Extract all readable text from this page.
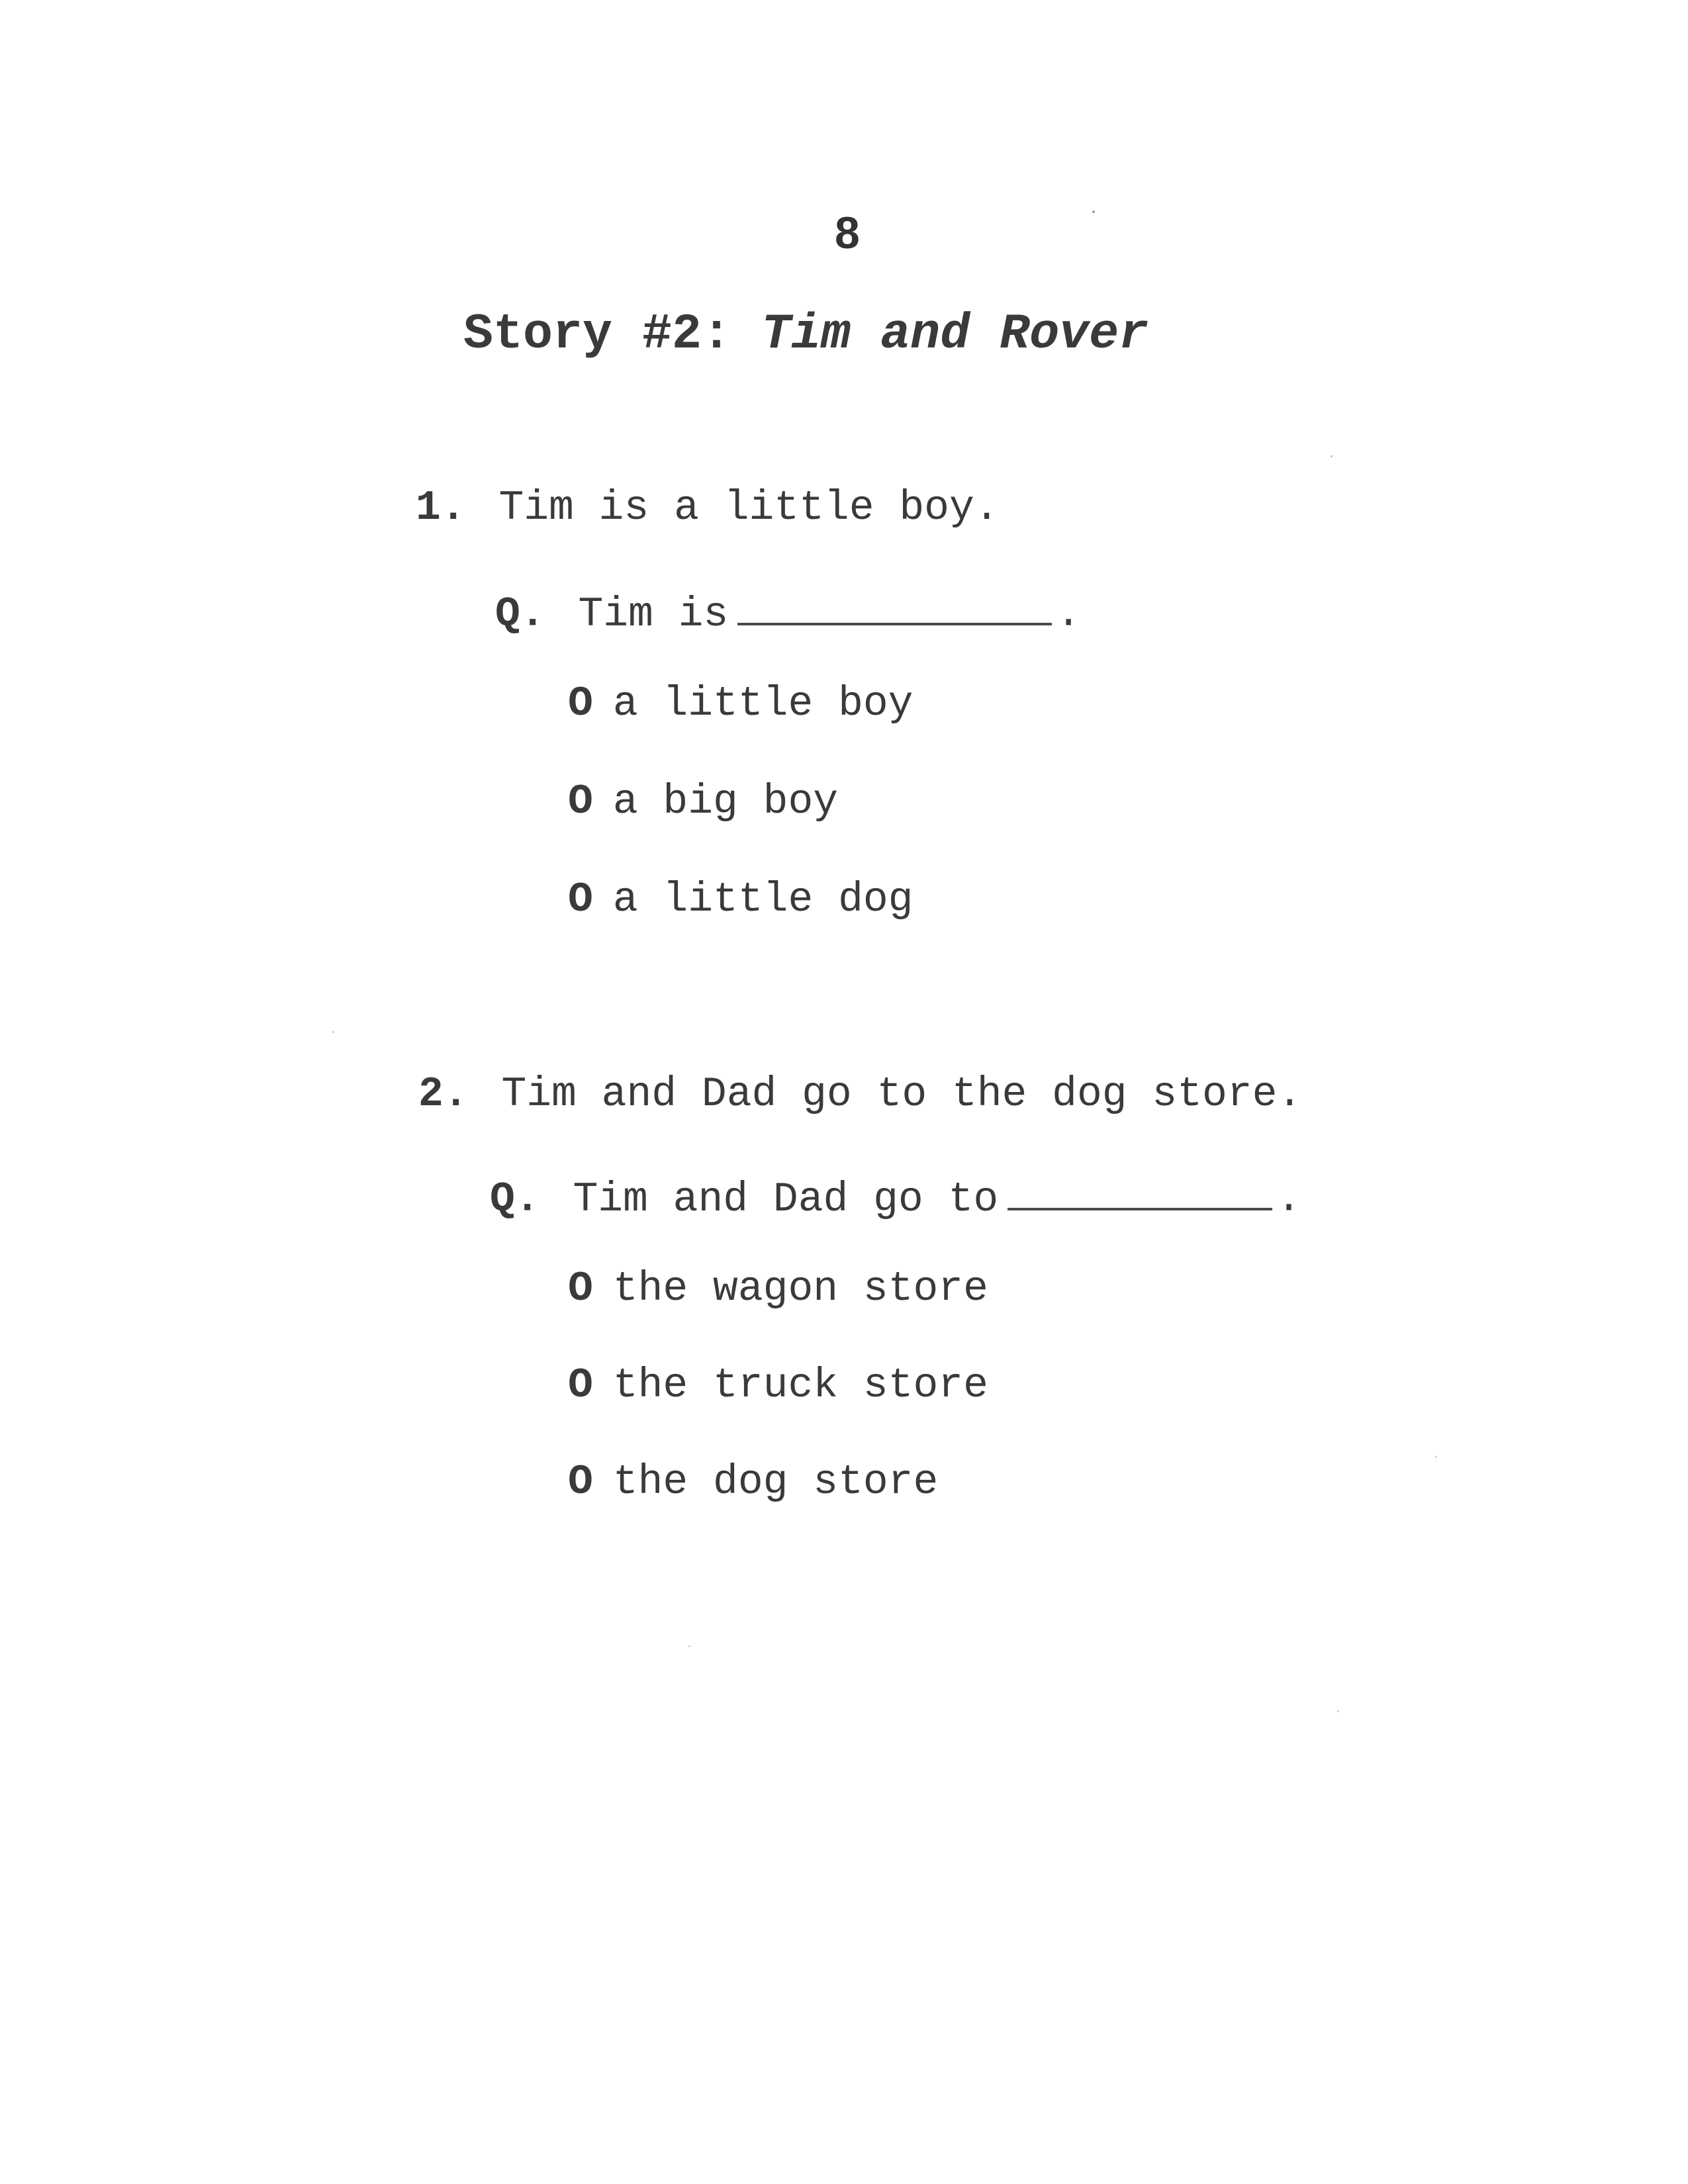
8
Story #2: Tim and Rover
1. Tim is a little boy.
Q. Tim is	.
O a little boy
O a big boy
O a little dog
2. Tim and Dad go to the dog store.
Q. Tim and Dad go to	.
O the wagon store
O the truck store
O the dog store
